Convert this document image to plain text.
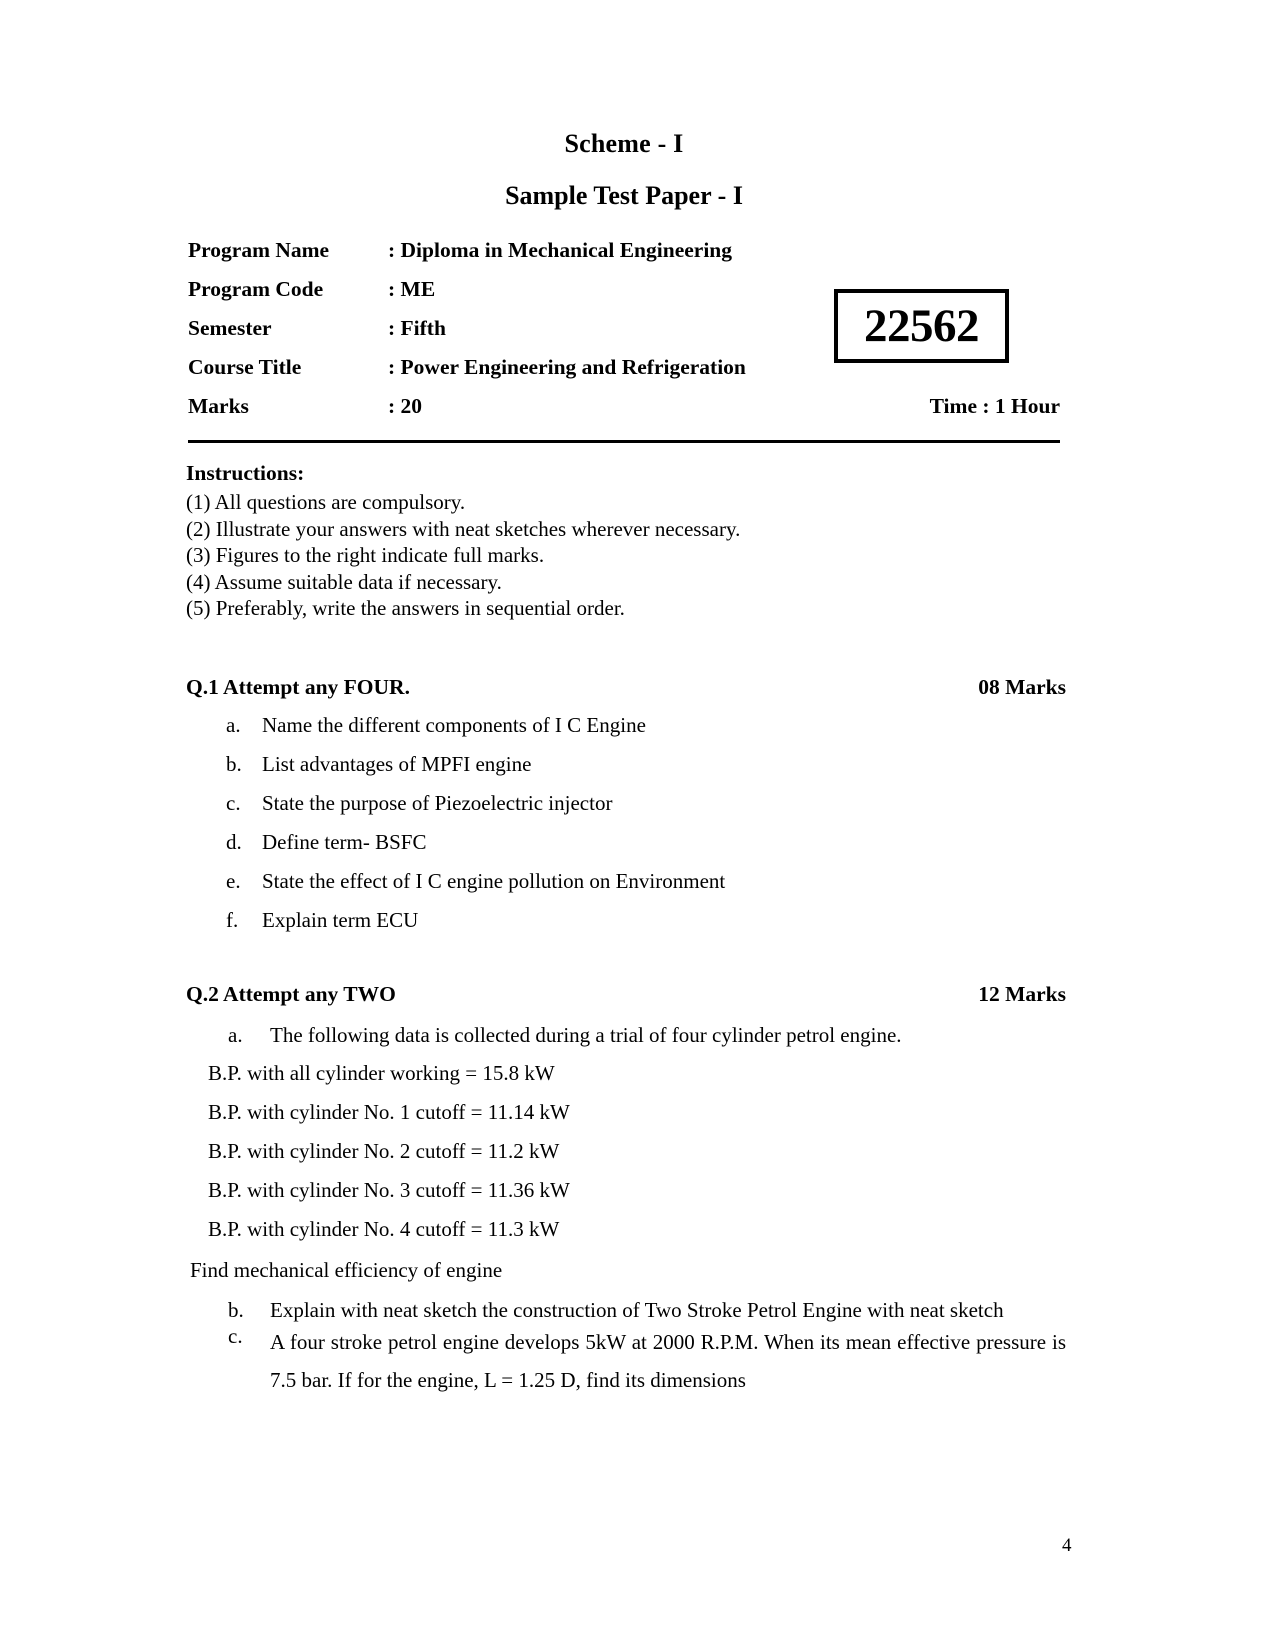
Scheme - I
Sample Test Paper - I
Program Name	: Diploma in Mechanical Engineering
Program Code	: ME
Semester	: Fifth
Course Title	: Power Engineering and Refrigeration
Marks	: 20
22562
Time : 1 Hour
Instructions:
(1) All questions are compulsory.
(2) Illustrate your answers with neat sketches wherever necessary.
(3) Figures to the right indicate full marks.
(4) Assume suitable data if necessary.
(5) Preferably, write the answers in sequential order.
Q.1 Attempt any FOUR.	08 Marks
a.	Name the different components of I C Engine
b. List advantages of MPFI engine
c.	State the purpose of Piezoelectric injector
d. Define term- BSFC
e.	State the effect of I C engine pollution on Environment
f.	Explain term ECU
Q.2 Attempt any TWO	12 Marks
a.	The following data is collected during a trial of four cylinder petrol engine.
B.P. with all cylinder working = 15.8 kW
B.P. with cylinder No. 1 cutoff = 11.14 kW
B.P. with cylinder No. 2 cutoff = 11.2 kW
B.P. with cylinder No. 3 cutoff = 11.36 kW
B.P. with cylinder No. 4 cutoff = 11.3 kW
Find mechanical efficiency of engine
b.	Explain with neat sketch the construction of Two Stroke Petrol Engine with neat sketch
c.	A four stroke petrol engine develops 5kW at 2000 R.P.M. When its mean effective pressure is 7.5 bar. If for the engine, L = 1.25 D, find its dimensions
4
